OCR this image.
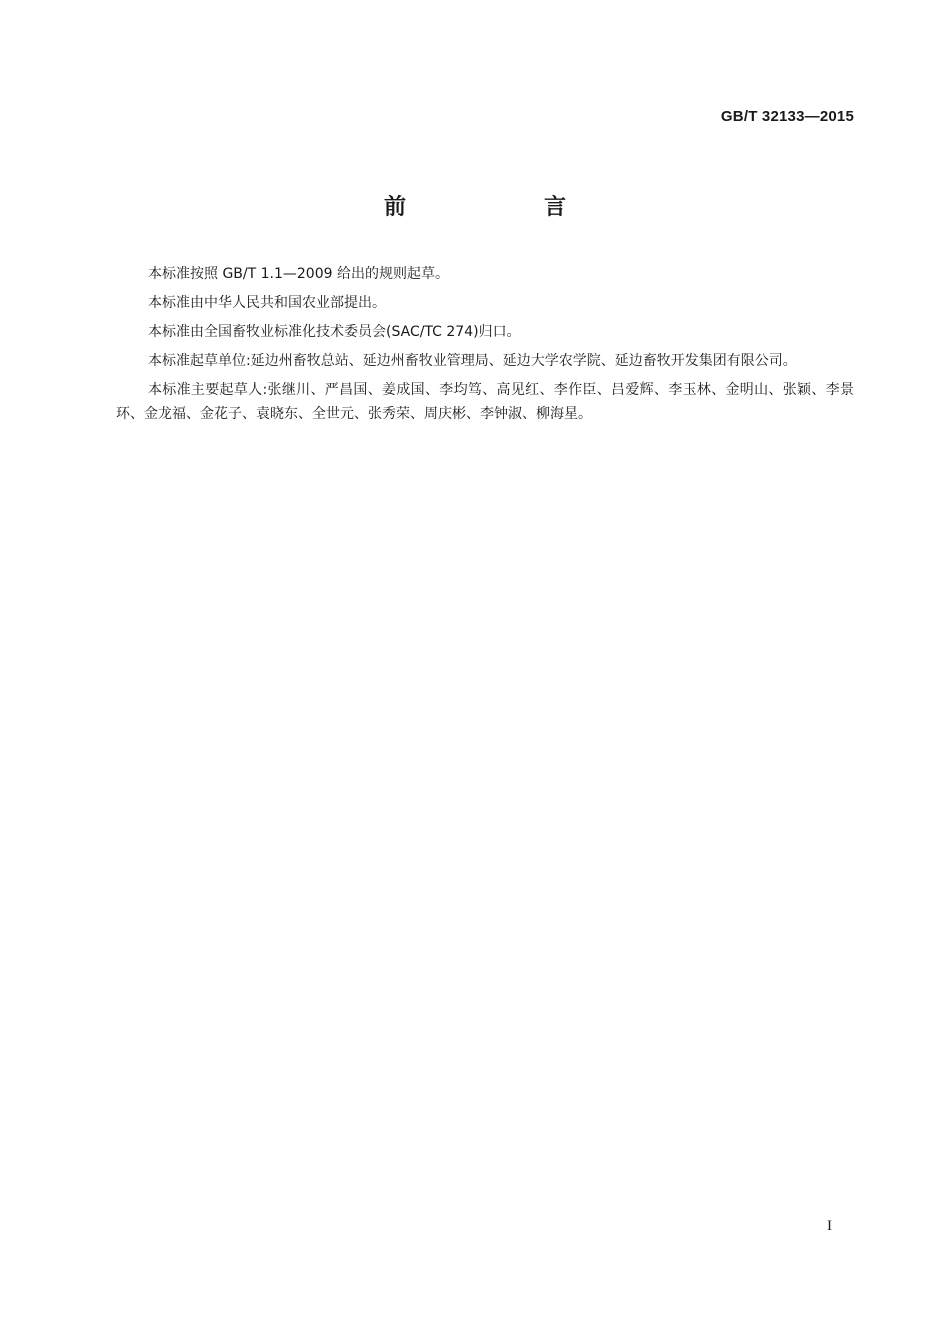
GB/T 32133—2015
前　言

本标准按照 GB/T 1.1—2009 给出的规则起草。

本标准由中华人民共和国农业部提出。

本标准由全国畜牧业标准化技术委员会(SAC/TC 274)归口。

本标准起草单位:延边州畜牧总站、延边州畜牧业管理局、延边大学农学院、延边畜牧开发集团有限公司。

本标准主要起草人:张继川、严昌国、姜成国、李均笃、高见红、李作臣、吕爱辉、李玉林、金明山、张颖、李景环、金龙福、金花子、袁晓东、全世元、张秀荣、周庆彬、李钟淑、柳海星。

I
